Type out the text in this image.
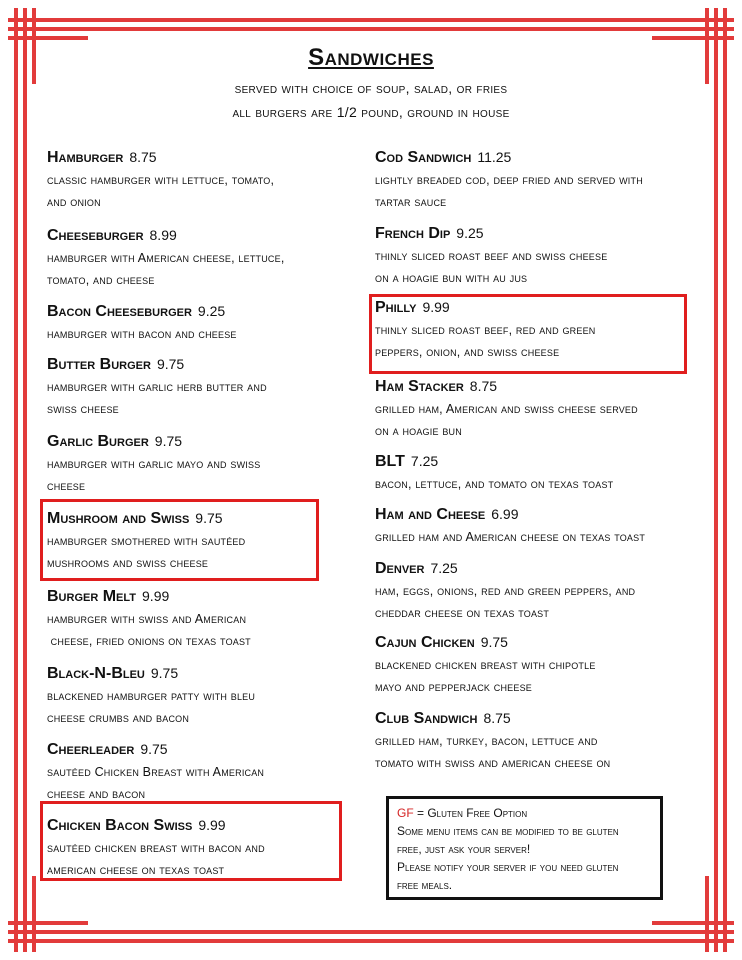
Sandwiches
served with choice of soup, salad, or fries
all burgers are 1/2 pound, ground in house
Hamburger 8.75
classic hamburger with lettuce, tomato,
and onion
Cheeseburger 8.99
hamburger with American cheese, lettuce,
tomato, and cheese
Bacon Cheeseburger 9.25
hamburger with bacon and cheese
Butter Burger 9.75
hamburger with garlic herb butter and
swiss cheese
Garlic Burger 9.75
hamburger with garlic mayo and swiss
cheese
Mushroom and Swiss 9.75
hamburger smothered with sautéed
mushrooms and swiss cheese
Burger Melt 9.99
hamburger with swiss and American
cheese, fried onions on texas toast
Black-N-Bleu 9.75
blackened hamburger patty with bleu
cheese crumbs and bacon
Cheerleader 9.75
sautéed Chicken Breast with American
cheese and bacon
Chicken Bacon Swiss 9.99
sautéed chicken breast with bacon and
american cheese on texas toast
Cod Sandwich 11.25
lightly breaded cod, deep fried and served with
tartar sauce
French Dip 9.25
thinly sliced roast beef and swiss cheese
on a hoagie bun with au jus
Philly 9.99
thinly sliced roast beef, red and green
peppers, onion, and swiss cheese
Ham Stacker 8.75
grilled ham, American and swiss cheese served
on a hoagie bun
BLT 7.25
bacon, lettuce, and tomato on texas toast
Ham and Cheese 6.99
grilled ham and American cheese on texas toast
Denver 7.25
ham, eggs, onions, red and green peppers, and
cheddar cheese on texas toast
Cajun Chicken 9.75
blackened chicken breast with chipotle
mayo and pepperjack cheese
Club Sandwich 8.75
grilled ham, turkey, bacon, lettuce and
tomato with swiss and american cheese on
GF = Gluten Free Option
Some menu items can be modified to be gluten
free, just ask your server!
Please notify your server if you need gluten
free meals.
